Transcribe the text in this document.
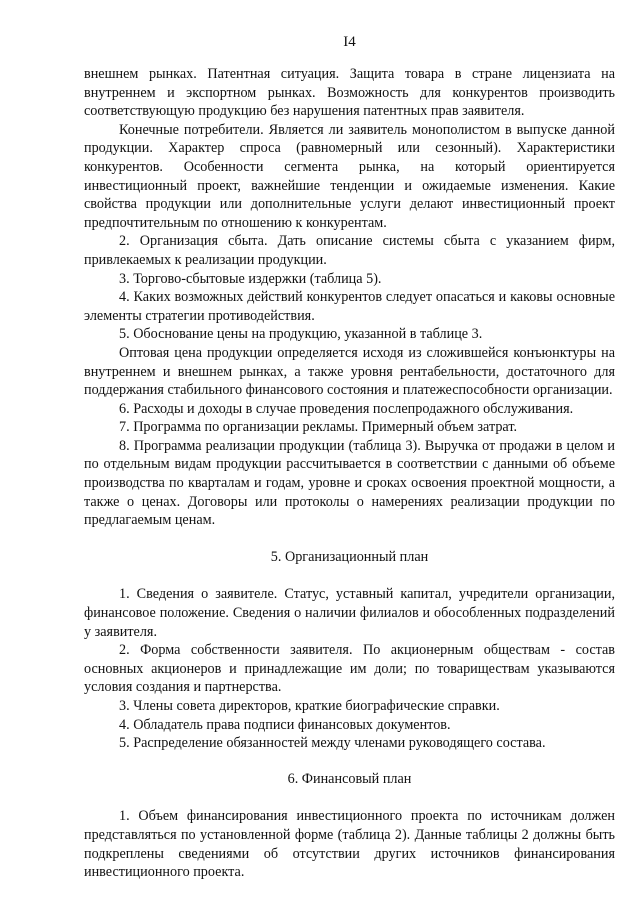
I4

внешнем рынках. Патентная ситуация. Защита товара в стране лицензиата на внутреннем и экспортном рынках. Возможность для конкурентов производить соответствующую продукцию без нарушения патентных прав заявителя.

Конечные потребители. Является ли заявитель монополистом в выпуске данной продукции. Характер спроса (равномерный или сезонный). Характеристики конкурентов. Особенности сегмента рынка, на который ориентируется инвестиционный проект, важнейшие тенденции и ожидаемые изменения. Какие свойства продукции или дополнительные услуги делают инвестиционный проект предпочтительным по отношению к конкурентам.

2. Организация сбыта. Дать описание системы сбыта с указанием фирм, привлекаемых к реализации продукции.

3. Торгово-сбытовые издержки (таблица 5).

4. Каких возможных действий конкурентов следует опасаться и каковы основные элементы стратегии противодействия.

5. Обоснование цены на продукцию, указанной в таблице 3.

Оптовая цена продукции определяется исходя из сложившейся конъюнктуры на внутреннем и внешнем рынках, а также уровня рентабельности, достаточного для поддержания стабильного финансового состояния и платежеспособности организации.

6. Расходы и доходы в случае проведения послепродажного обслуживания.

7. Программа по организации рекламы. Примерный объем затрат.

8. Программа реализации продукции (таблица 3). Выручка от продажи в целом и по отдельным видам продукции рассчитывается в соответствии с данными об объеме производства по кварталам и годам, уровне и сроках освоения проектной мощности, а также о ценах. Договоры или протоколы о намерениях реализации продукции по предлагаемым ценам.

5. Организационный план

1. Сведения о заявителе. Статус, уставный капитал, учредители организации, финансовое положение. Сведения о наличии филиалов и обособленных подразделений у заявителя.

2. Форма собственности заявителя. По акционерным обществам - состав основных акционеров и принадлежащие им доли; по товариществам указываются условия создания и партнерства.

3. Члены совета директоров, краткие биографические справки.

4. Обладатель права подписи финансовых документов.

5. Распределение обязанностей между членами руководящего состава.

6. Финансовый план

1. Объем финансирования инвестиционного проекта по источникам должен представляться по установленной форме (таблица 2). Данные таблицы 2 должны быть подкреплены сведениями об отсутствии других источников финансирования инвестиционного проекта.
